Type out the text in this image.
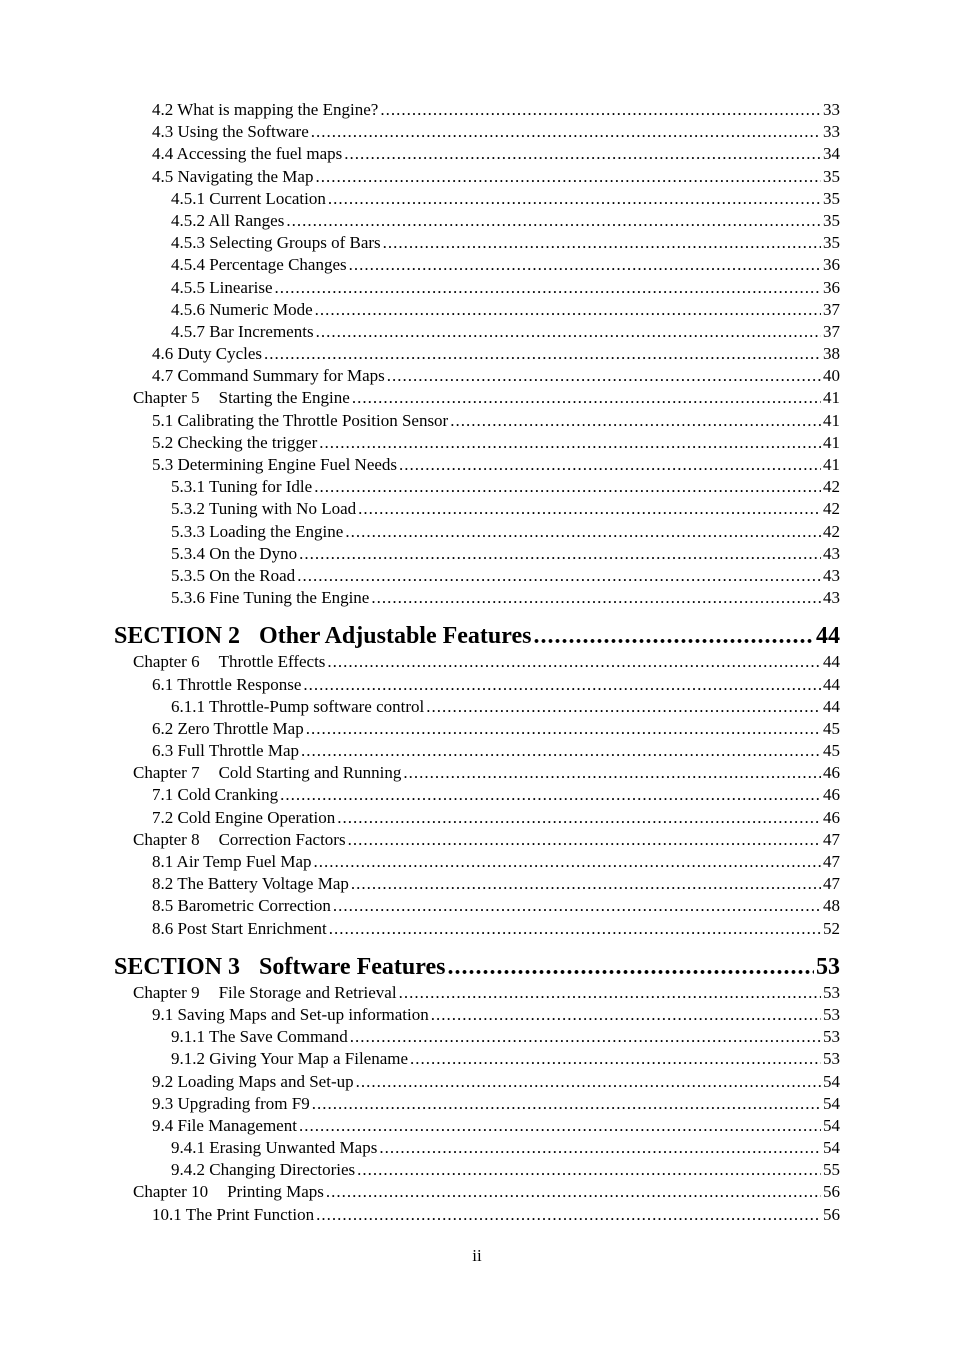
4.2 What is mapping the Engine? .....	33
4.3 Using the Software .....	33
4.4 Accessing the fuel maps .....	34
4.5 Navigating the Map .....	35
4.5.1 Current Location .....	35
4.5.2 All Ranges .....	35
4.5.3 Selecting Groups of Bars .....	35
4.5.4 Percentage Changes .....	36
4.5.5 Linearise .....	36
4.5.6 Numeric Mode .....	37
4.5.7 Bar Increments .....	37
4.6 Duty Cycles .....	38
4.7 Command Summary for Maps .....	40
Chapter 5 Starting the Engine .....	41
5.1 Calibrating the Throttle Position Sensor .....	41
5.2 Checking the trigger .....	41
5.3 Determining Engine Fuel Needs .....	41
5.3.1 Tuning for Idle .....	42
5.3.2 Tuning with No Load .....	42
5.3.3 Loading the Engine .....	42
5.3.4 On the Dyno .....	43
5.3.5 On the Road .....	43
5.3.6 Fine Tuning the Engine .....	43
SECTION 2 Other Adjustable Features .....	44
Chapter 6 Throttle Effects .....	44
6.1 Throttle Response .....	44
6.1.1 Throttle-Pump software control .....	44
6.2 Zero Throttle Map .....	45
6.3 Full Throttle Map .....	45
Chapter 7 Cold Starting and Running .....	46
7.1 Cold Cranking .....	46
7.2 Cold Engine Operation .....	46
Chapter 8 Correction Factors .....	47
8.1 Air Temp Fuel Map .....	47
8.2 The Battery Voltage Map .....	47
8.5 Barometric Correction .....	48
8.6 Post Start Enrichment .....	52
SECTION 3 Software Features .....	53
Chapter 9 File Storage and Retrieval .....	53
9.1 Saving Maps and Set-up information .....	53
9.1.1 The Save Command .....	53
9.1.2 Giving Your Map a Filename .....	53
9.2 Loading Maps and Set-up .....	54
9.3 Upgrading from F9 .....	54
9.4 File Management .....	54
9.4.1 Erasing Unwanted Maps .....	54
9.4.2 Changing Directories .....	55
Chapter 10 Printing Maps .....	56
10.1 The Print Function .....	56
ii
